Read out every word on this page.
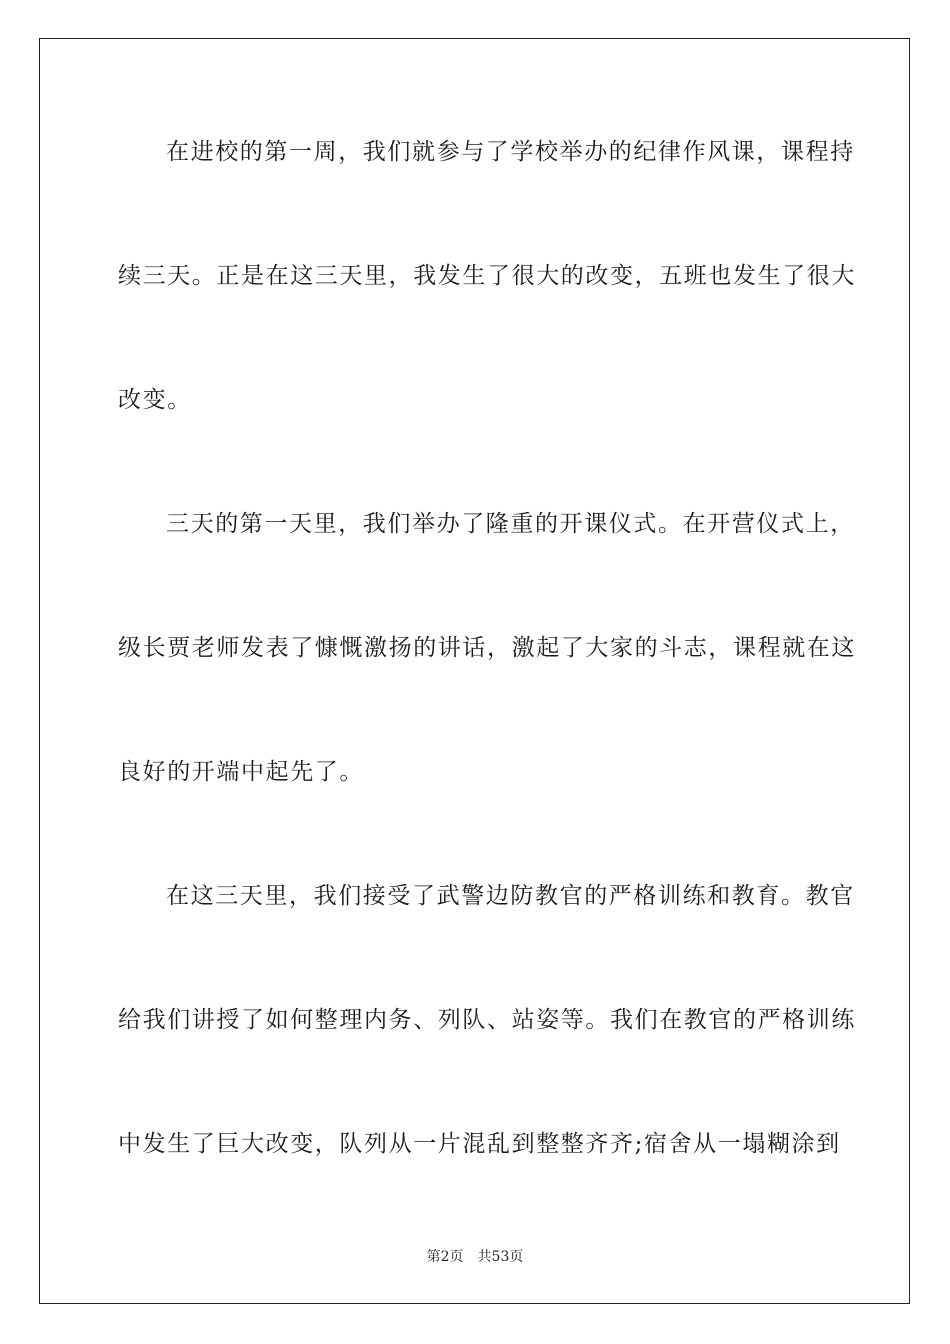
在进校的第一周，我们就参与了学校举办的纪律作风课，课程持
续三天。正是在这三天里，我发生了很大的改变，五班也发生了很大
改变。
三天的第一天里，我们举办了隆重的开课仪式。在开营仪式上，
级长贾老师发表了慷慨激扬的讲话，激起了大家的斗志，课程就在这
良好的开端中起先了。
在这三天里，我们接受了武警边防教官的严格训练和教育。教官
给我们讲授了如何整理内务、列队、站姿等。我们在教官的严格训练
中发生了巨大改变，队列从一片混乱到整整齐齐;宿舍从一塌糊涂到
第2页 共53页
